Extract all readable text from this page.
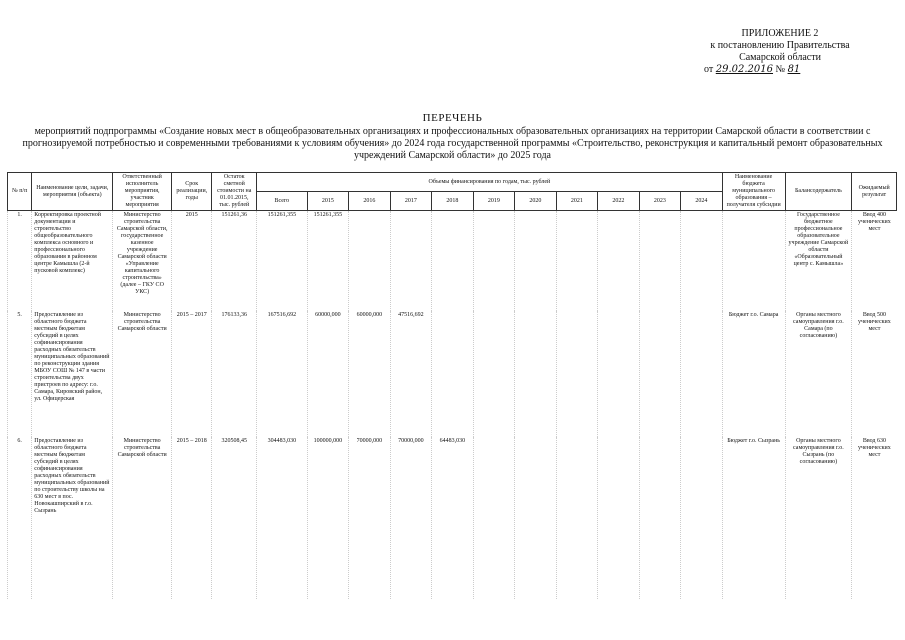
ПРИЛОЖЕНИЕ 2
к постановлению Правительства
Самарской области
от 29.02.2016 № 81
ПЕРЕЧЕНЬ
мероприятий подпрограммы «Создание новых мест в общеобразовательных организациях и профессиональных образовательных организациях на территории Самарской области в соответствии с прогнозируемой потребностью и современными требованиями к условиям обучения» до 2024 года государственной программы «Строительство, реконструкция и капитальный ремонт образовательных учреждений Самарской области» до 2025 года
№ п/п	Наименование цели, задачи, мероприятия (объекта)	Ответственный исполнитель мероприятия, участник мероприятия	Срок реализации, годы	Остаток сметной стоимости на 01.01.2015, тыс. рублей	Объемы финансирования по годам, тыс. рублей											Наименование бюджета муниципального образования – получателя субсидии	Балансодержатель	Ожидаемый результат
					Всего	2015	2016	2017	2018	2019	2020	2021	2022	2023	2024			
1.	Корректировка проектной документации и строительство общеобразовательного комплекса основного и профессионального образования в районном центре Камышла (2-й пусковой комплекс)	Министерство строительства Самарской области, государственное казенное учреждение Самарской области «Управление капитального строительства» (далее – ГКУ СО УКС)	2015	151261,36	151261,355	151261,355											Государственное бюджетное профессиональное образовательное учреждение Самарской области «Образовательный центр с. Камышла»	Ввод 400 ученических мест
5.	Предоставление из областного бюджета местным бюджетам субсидий в целях софинансирования расходных обязательств муниципальных образований по реконструкции здания МБОУ СОШ № 147 в части строительства двух пристроев по адресу: г.о. Самара, Кировский район, ул. Офицерская	Министерство строительства Самарской области	2015 – 2017	176133,36	167516,692	60000,000	60000,000	47516,692								Бюджет г.о. Самара	Органы местного самоуправления г.о. Самара (по согласованию)	Ввод 500 ученических мест
6.	Предоставление из областного бюджета местным бюджетам субсидий в целях софинансирования расходных обязательств муниципальных образований по строительству школы на 630 мест в пос. Новокашпирский в г.о. Сызрань	Министерство строительства Самарской области	2015 – 2018	320508,45	304483,030	100000,000	70000,000	70000,000	64483,030							Бюджет г.о. Сызрань	Органы местного самоуправления г.о. Сызрань (по согласованию)	Ввод 630 ученических мест
